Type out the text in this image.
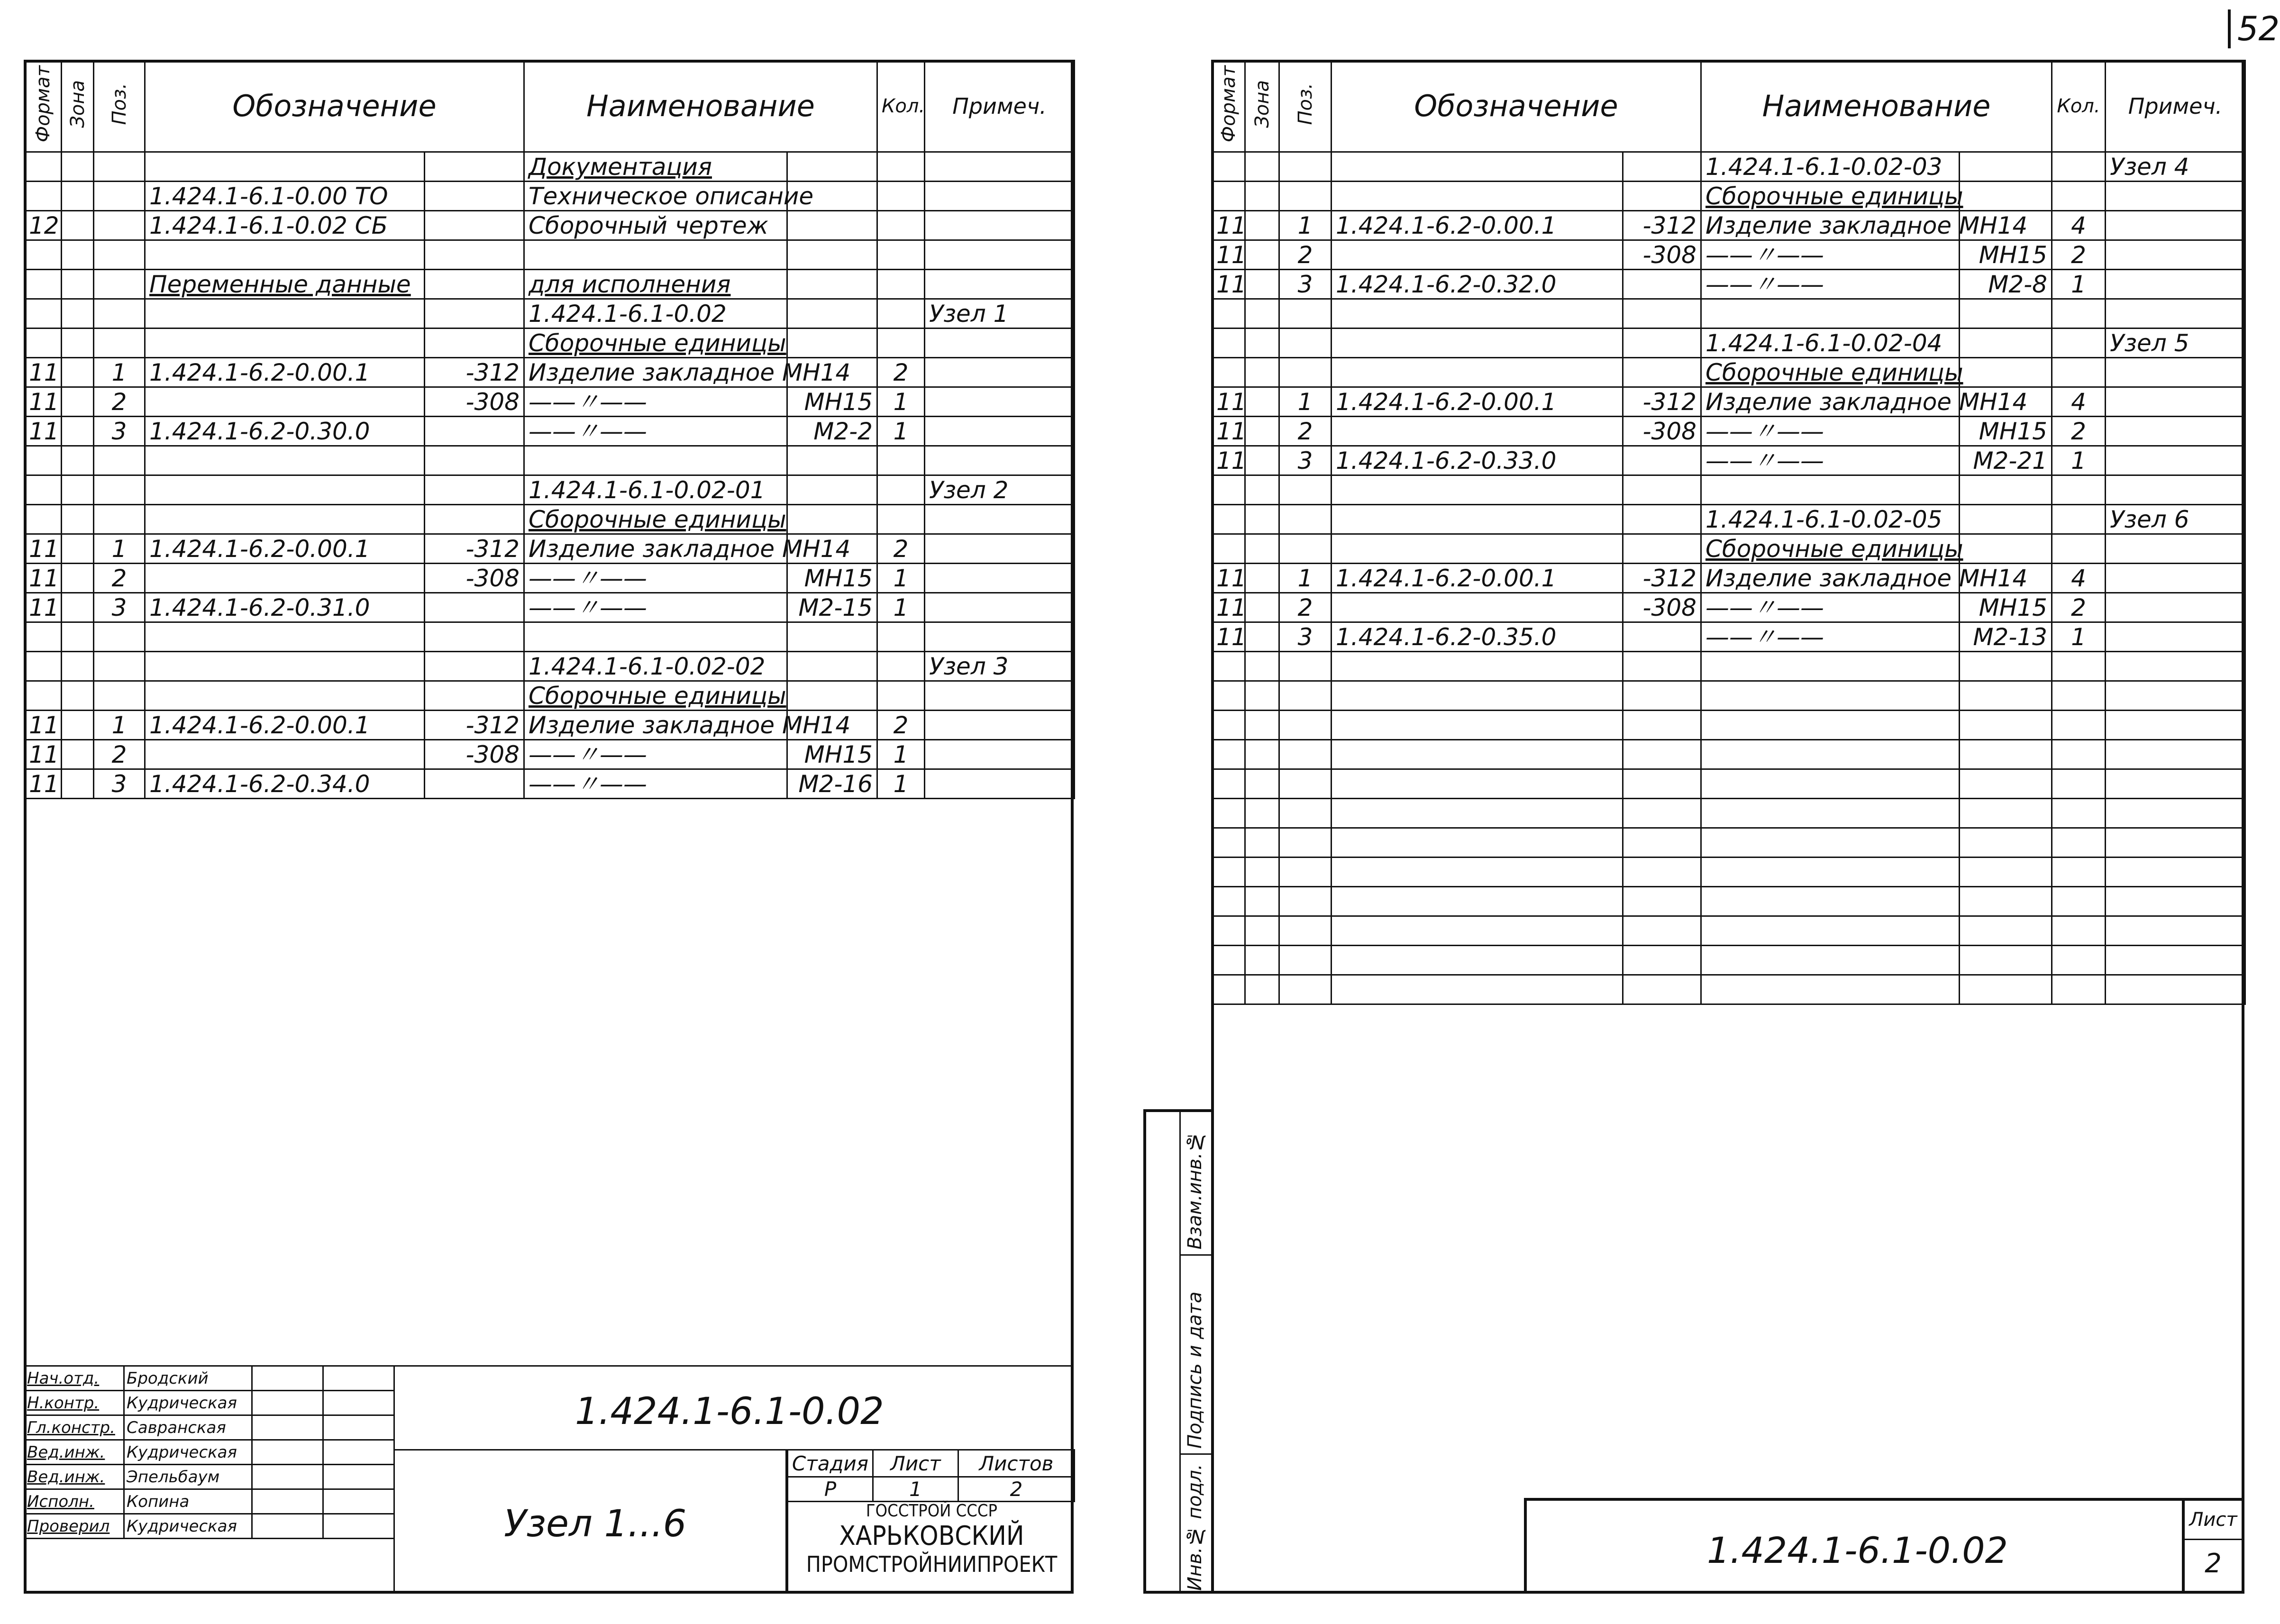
52
Формат	Зона	Поз.	Обозначение		Наименование		Кол.	Примеч.
					Документация			
			1.424.1-6.1-0.00 ТО		Техническое описание			
12			1.424.1-6.1-0.02 СБ		Сборочный чертеж			

			Переменные данные		для исполнения			
					1.424.1-6.1-0.02			Узел 1
					Сборочные единицы			
11		1	1.424.1-6.2-0.00.1	-312	Изделие закладное МН14		2	
11		2		-308	——〃——	МН15	1	
11		3	1.424.1-6.2-0.30.0		——〃——	М2-2	1	

					1.424.1-6.1-0.02-01			Узел 2
					Сборочные единицы			
11		1	1.424.1-6.2-0.00.1	-312	Изделие закладное МН14		2	
11		2		-308	——〃——	МН15	1	
11		3	1.424.1-6.2-0.31.0		——〃——	М2-15	1	

					1.424.1-6.1-0.02-02			Узел 3
					Сборочные единицы			
11		1	1.424.1-6.2-0.00.1	-312	Изделие закладное МН14		2	
11		2		-308	——〃——	МН15	1	
11		3	1.424.1-6.2-0.34.0		——〃——	М2-16	1	
Нач.отд.	Бродский		
Н.контр.	Кудрическая		
Гл.констр.	Савранская		
Вед.инж.	Кудрическая		
Вед.инж.	Эпельбаум		
Исполн.	Копина		
Проверил	Кудрическая		
1.424.1-6.1-0.02
Узел 1...6
Стадия	Лист	Листов
Р	1	2
ГОССТРОЙ СССР
ХАРЬКОВСКИЙ
ПРОМСТРОЙНИИПРОЕКТ
Формат	Зона	Поз.	Обозначение		Наименование		Кол.	Примеч.
					1.424.1-6.1-0.02-03			Узел 4
					Сборочные единицы			
11		1	1.424.1-6.2-0.00.1	-312	Изделие закладное МН14		4	
11		2		-308	——〃——	МН15	2	
11		3	1.424.1-6.2-0.32.0		——〃——	М2-8	1	

					1.424.1-6.1-0.02-04			Узел 5
					Сборочные единицы			
11		1	1.424.1-6.2-0.00.1	-312	Изделие закладное МН14		4	
11		2		-308	——〃——	МН15	2	
11		3	1.424.1-6.2-0.33.0		——〃——	М2-21	1	

					1.424.1-6.1-0.02-05			Узел 6
					Сборочные единицы			
11		1	1.424.1-6.2-0.00.1	-312	Изделие закладное МН14		4	
11		2		-308	——〃——	МН15	2	
11		3	1.424.1-6.2-0.35.0		——〃——	М2-13	1	

Взам.инв.№
Подпись и дата
Инв.№ подл.	1.424.1-6.1-0.02
Лист
2
